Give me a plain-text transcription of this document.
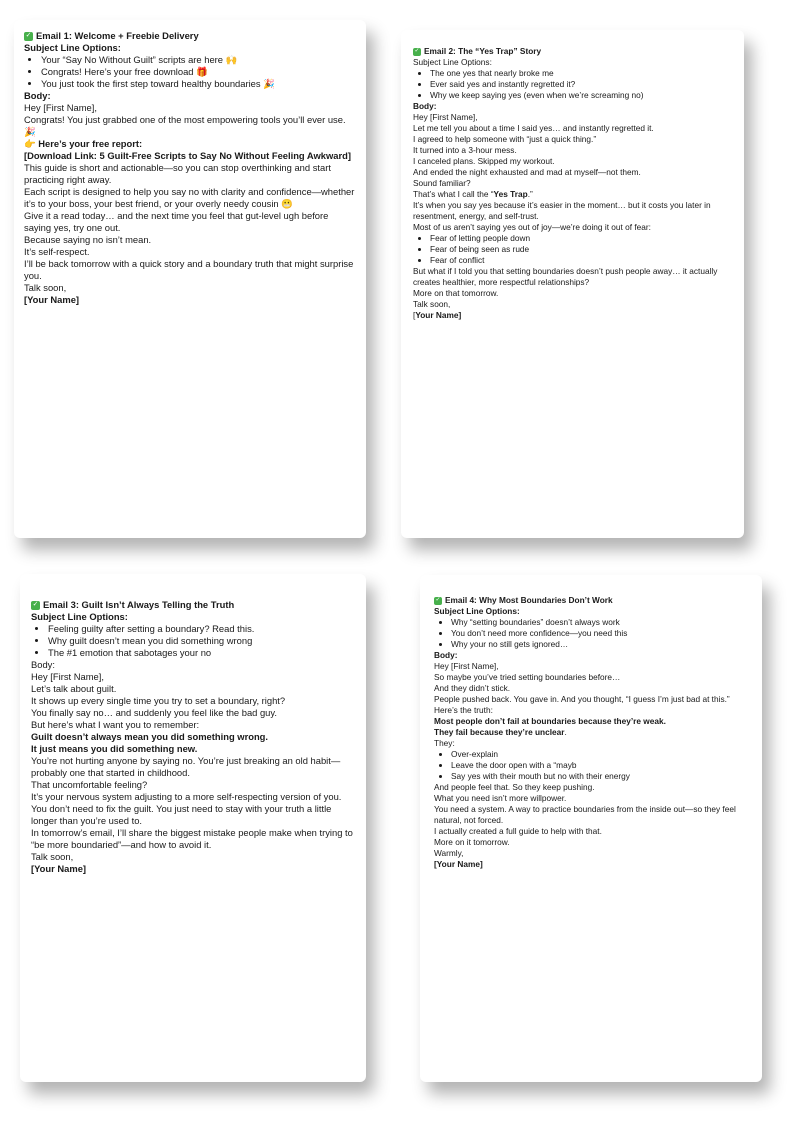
✓ Email 1: Welcome + Freebie Delivery

Subject Line Options:

• Your “Say No Without Guilt” scripts are here 🙌
• Congrats! Here’s your free download 🎁
• You just took the first step toward healthy boundaries 🎉

Body:

Hey [First Name],

Congrats! You just grabbed one of the most empowering tools you’ll ever use. 🎉

👉 Here’s your free report:

[Download Link: 5 Guilt-Free Scripts to Say No Without Feeling Awkward]

This guide is short and actionable—so you can stop overthinking and start practicing right away.

Each script is designed to help you say no with clarity and confidence—whether it’s to your boss, your best friend, or your overly needy cousin 😬

Give it a read today… and the next time you feel that gut-level ugh before saying yes, try one out.
Because saying no isn’t mean.

It’s self-respect.

I’ll be back tomorrow with a quick story and a boundary truth that might surprise you.

Talk soon,

[Your Name]

✓ Email 2: The “Yes Trap” Story

Subject Line Options:

• The one yes that nearly broke me
• Ever said yes and instantly regretted it?
• Why we keep saying yes (even when we’re screaming no)

Body:

Hey [First Name],

Let me tell you about a time I said yes… and instantly regretted it.
I agreed to help someone with “just a quick thing.”

It turned into a 3-hour mess.
I canceled plans. Skipped my workout.

And ended the night exhausted and mad at myself—not them.
Sound familiar?

That’s what I call the “Yes Trap.”

It’s when you say yes because it’s easier in the moment… but it costs you later in resentment, energy, and self-trust.

Most of us aren’t saying yes out of joy—we’re doing it out of fear:

• Fear of letting people down
• Fear of being seen as rude
• Fear of conflict

But what if I told you that setting boundaries doesn’t push people away… it actually creates healthier, more respectful relationships?

More on that tomorrow.
Talk soon,

[Your Name]

✓ Email 3: Guilt Isn’t Always Telling the Truth

Subject Line Options:

• Feeling guilty after setting a boundary? Read this.
• Why guilt doesn’t mean you did something wrong
• The #1 emotion that sabotages your no

Body:

Hey [First Name],
Let’s talk about guilt.

It shows up every single time you try to set a boundary, right?
You finally say no… and suddenly you feel like the bad guy.
But here’s what I want you to remember:

Guilt doesn’t always mean you did something wrong.
It just means you did something new.

You’re not hurting anyone by saying no. You’re just breaking an old habit—probably one that started in childhood.

That uncomfortable feeling?
It’s your nervous system adjusting to a more self-respecting version of you.

You don’t need to fix the guilt. You just need to stay with your truth a little longer than you’re used to.

In tomorrow’s email, I’ll share the biggest mistake people make when trying to “be more boundaried”—and how to avoid it.

Talk soon,

[Your Name]

✓ Email 4: Why Most Boundaries Don’t Work

Subject Line Options:

• Why “setting boundaries” doesn’t always work
• You don’t need more confidence—you need this
• Why your no still gets ignored…

Body:

Hey [First Name],

So maybe you’ve tried setting boundaries before…
And they didn’t stick.

People pushed back. You gave in. And you thought, “I guess I’m just bad at this.”

Here’s the truth:

Most people don’t fail at boundaries because they’re weak.
They fail because they’re unclear.

They:

• Over-explain
• Leave the door open with a “mayb
• Say yes with their mouth but no with their energy

And people feel that. So they keep pushing.
What you need isn’t more willpower.

You need a system. A way to practice boundaries from the inside out—so they feel natural, not forced.

I actually created a full guide to help with that.
More on it tomorrow.

Warmly,

[Your Name]
